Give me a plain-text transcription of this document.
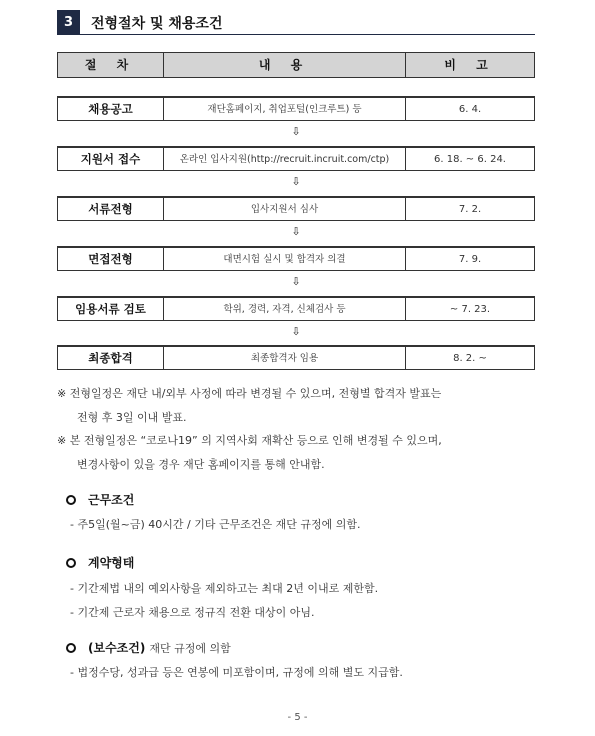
3	전형절차 및 채용조건
절 차	내 용	비 고
채용공고	재단홈페이지, 취업포털(인크루트) 등	6. 4.
⇩
지원서 접수	온라인 입사지원(http://recruit.incruit.com/ctp)	6. 18. ~ 6. 24.
⇩
서류전형	입사지원서 심사	7. 2.
⇩
면접전형	대면시험 실시 및 합격자 의결	7. 9.
⇩
임용서류 검토	학위, 경력, 자격, 신체검사 등	~ 7. 23.
⇩
최종합격	최종합격자 임용	8. 2. ~
※ 전형일정은 재단 내/외부 사정에 따라 변경될 수 있으며, 전형별 합격자 발표는
전형 후 3일 이내 발표.
※ 본 전형일정은 “코로나19” 의 지역사회 재확산 등으로 인해 변경될 수 있으며,
변경사항이 있을 경우 재단 홈페이지를 통해 안내함.
근무조건
- 주5일(월~금) 40시간 / 기타 근무조건은 재단 규정에 의함.
계약형태
- 기간제법 내의 예외사항을 제외하고는 최대 2년 이내로 제한함.
- 기간제 근로자 채용으로 정규직 전환 대상이 아님.
(보수조건) 재단 규정에 의함
- 법정수당, 성과급 등은 연봉에 미포함이며, 규정에 의해 별도 지급함.
- 5 -
